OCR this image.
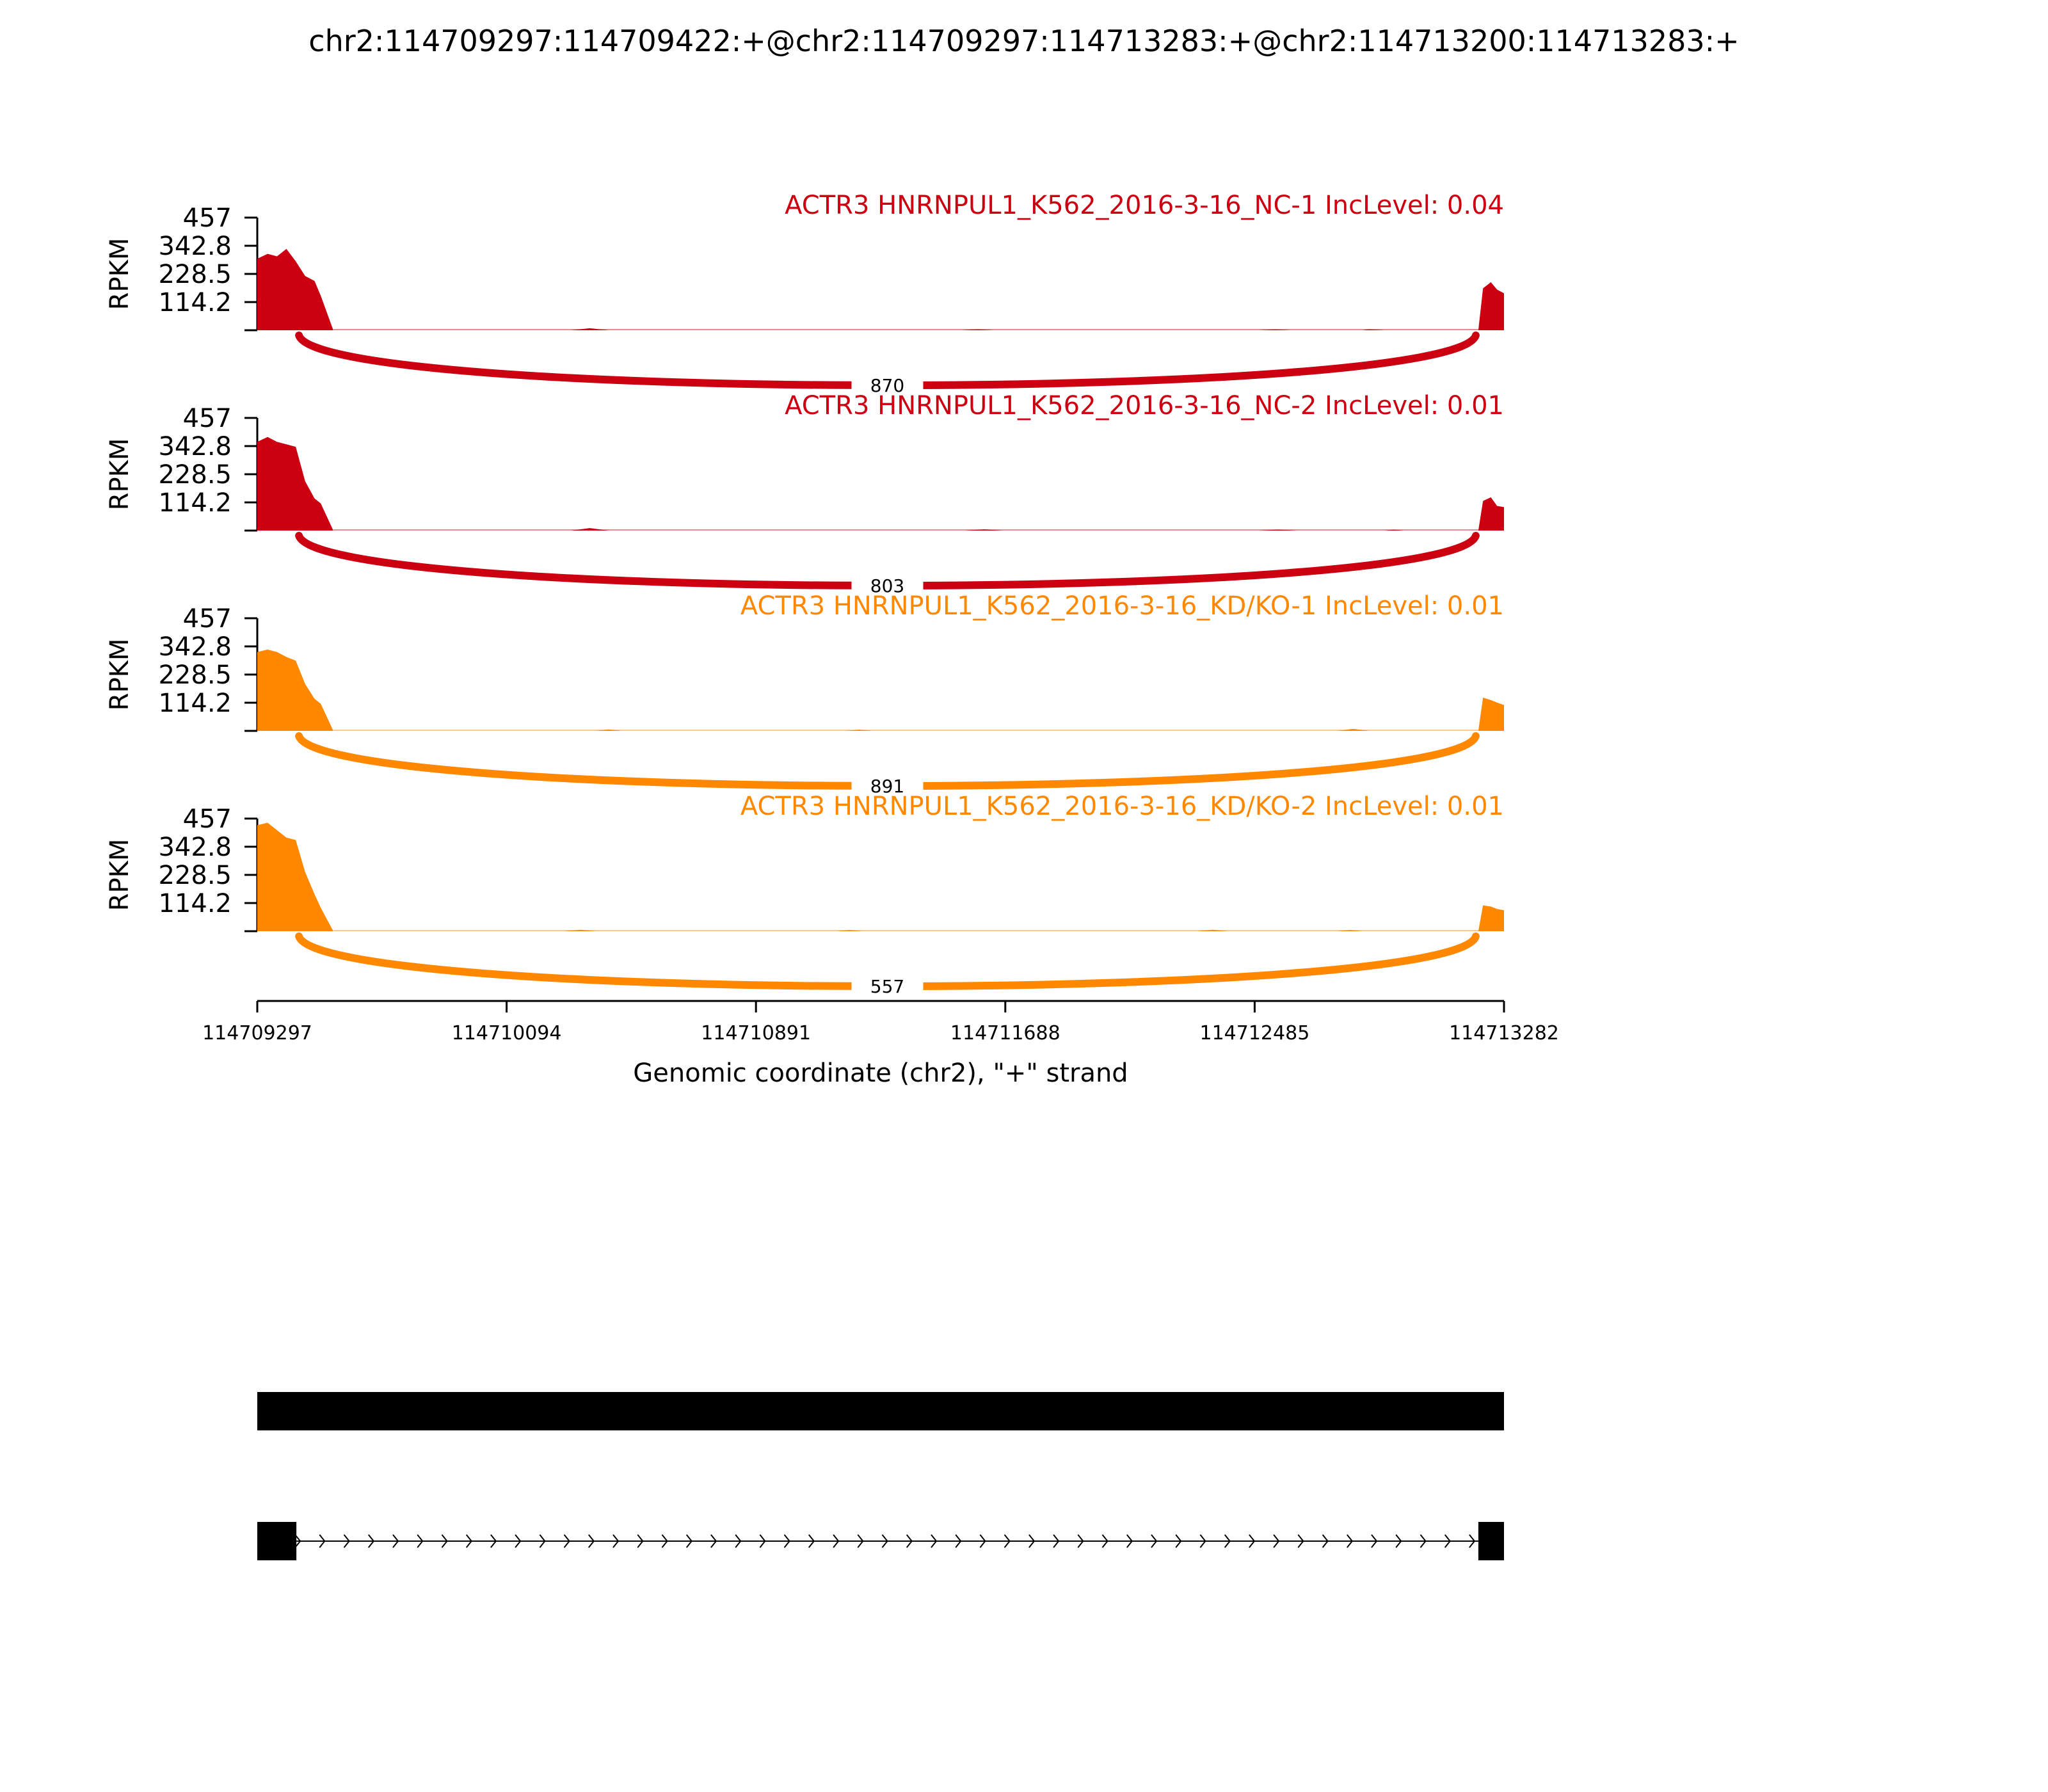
chr2:114709297:114709422:+@chr2:114709297:114713283:+@chr2:114713200:114713283:+
457
342.8
228.5
114.2
RPKM
870
ACTR3 HNRNPUL1_K562_2016-3-16_NC-1 IncLevel: 0.04
457
342.8
228.5
114.2
RPKM
803
ACTR3 HNRNPUL1_K562_2016-3-16_NC-2 IncLevel: 0.01
457
342.8
228.5
114.2
RPKM
891
ACTR3 HNRNPUL1_K562_2016-3-16_KD/KO-1 IncLevel: 0.01
457
342.8
228.5
114.2
RPKM
557
ACTR3 HNRNPUL1_K562_2016-3-16_KD/KO-2 IncLevel: 0.01
114709297	114710094	114710891	114711688	114712485	114713282
Genomic coordinate (chr2), "+" strand
